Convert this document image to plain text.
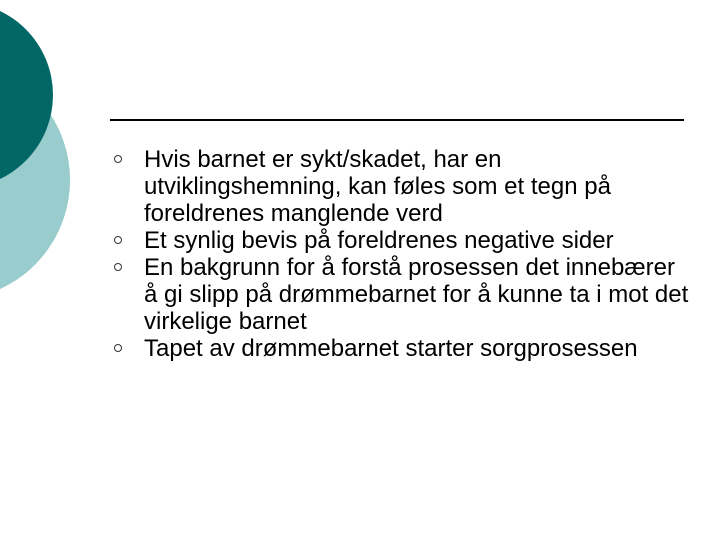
Hvis barnet er sykt/skadet, har en utviklingshemning, kan føles som et tegn på foreldrenes manglende verd
Et synlig bevis på foreldrenes negative sider
En bakgrunn for å forstå prosessen det innebærer å gi slipp på drømmebarnet for å kunne ta i mot det virkelige barnet
Tapet av drømmebarnet starter sorgprosessen
